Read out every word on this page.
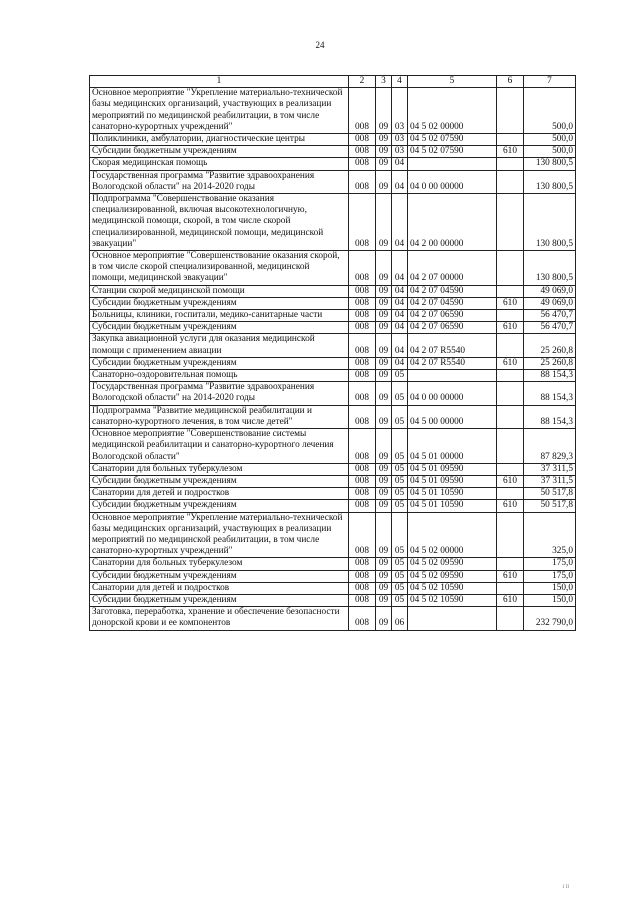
24
1	2	3	4	5	6	7
Основное мероприятие "Укрепление материально-технической базы медицинских организаций, участвующих в реализации мероприятий по медицинской реабилитации, в том числе санаторно-курортных учреждений"	008	09	03	04 5 02 00000		500,0
Поликлиники, амбулатории, диагностические центры	008	09	03	04 5 02 07590		500,0
Субсидии бюджетным учреждениям	008	09	03	04 5 02 07590	610	500,0
Скорая медицинская помощь	008	09	04			130 800,5
Государственная программа "Развитие здравоохранения Вологодской области" на 2014-2020 годы	008	09	04	04 0 00 00000		130 800,5
Подпрограмма "Совершенствование оказания специализированной, включая высокотехнологичную, медицинской помощи, скорой, в том числе скорой специализированной, медицинской помощи, медицинской эвакуации"	008	09	04	04 2 00 00000		130 800,5
Основное мероприятие "Совершенствование оказания скорой, в том числе скорой специализированной, медицинской помощи, медицинской эвакуации"	008	09	04	04 2 07 00000		130 800,5
Станции скорой медицинской помощи	008	09	04	04 2 07 04590		49 069,0
Субсидии бюджетным учреждениям	008	09	04	04 2 07 04590	610	49 069,0
Больницы, клиники, госпитали, медико-санитарные части	008	09	04	04 2 07 06590		56 470,7
Субсидии бюджетным учреждениям	008	09	04	04 2 07 06590	610	56 470,7
Закупка авиационной услуги для оказания медицинской помощи с применением авиации	008	09	04	04 2 07 R5540		25 260,8
Субсидии бюджетным учреждениям	008	09	04	04 2 07 R5540	610	25 260,8
Санаторно-оздоровительная помощь	008	09	05			88 154,3
Государственная программа "Развитие здравоохранения Вологодской области" на 2014-2020 годы	008	09	05	04 0 00 00000		88 154,3
Подпрограмма "Развитие медицинской реабилитации и санаторно-курортного лечения, в том числе детей"	008	09	05	04 5 00 00000		88 154,3
Основное мероприятие "Совершенствование системы медицинской реабилитации и санаторно-курортного лечения Вологодской области"	008	09	05	04 5 01 00000		87 829,3
Санатории для больных туберкулезом	008	09	05	04 5 01 09590		37 311,5
Субсидии бюджетным учреждениям	008	09	05	04 5 01 09590	610	37 311,5
Санатории для детей и подростков	008	09	05	04 5 01 10590		50 517,8
Субсидии бюджетным учреждениям	008	09	05	04 5 01 10590	610	50 517,8
Основное мероприятие "Укрепление материально-технической базы медицинских организаций, участвующих в реализации мероприятий по медицинской реабилитации, в том числе санаторно-курортных учреждений"	008	09	05	04 5 02 00000		325,0
Санатории для больных туберкулезом	008	09	05	04 5 02 09590		175,0
Субсидии бюджетным учреждениям	008	09	05	04 5 02 09590	610	175,0
Санатории для детей и подростков	008	09	05	04 5 02 10590		150,0
Субсидии бюджетным учреждениям	008	09	05	04 5 02 10590	610	150,0
Заготовка, переработка, хранение и обеспечение безопасности донорской крови и ее компонентов	008	09	06			232 790,0
1 II
